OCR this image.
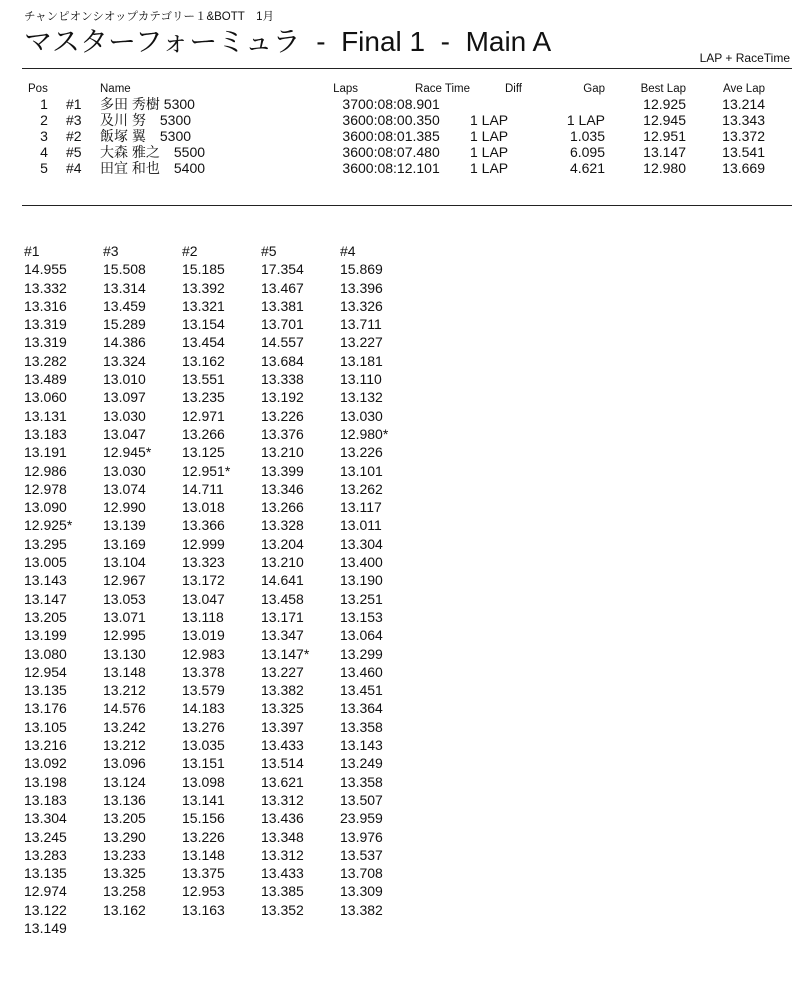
チャンピオンシオップカテゴリー１&BOTT　1月
マスターフォーミュラ  -  Final 1  -  Main A
LAP + RaceTime
Pos		Name	Laps	Race Time	Diff	Gap	Best Lap	Ave Lap
1	#1	多田 秀樹 5300	37	00:08:08.901			12.925	13.214
2	#3	及川 努　5300	36	00:08:00.350	1 LAP	1 LAP	12.945	13.343
3	#2	飯塚 翼　5300	36	00:08:01.385	1 LAP	1.035	12.951	13.372
4	#5	大森 雅之　5500	36	00:08:07.480	1 LAP	6.095	13.147	13.541
5	#4	田宜 和也　5400	36	00:08:12.101	1 LAP	4.621	12.980	13.669
#1	#3	#2	#5	#4
14.955	15.508	15.185	17.354	15.869
13.332	13.314	13.392	13.467	13.396
13.316	13.459	13.321	13.381	13.326
13.319	15.289	13.154	13.701	13.711
13.319	14.386	13.454	14.557	13.227
13.282	13.324	13.162	13.684	13.181
13.489	13.010	13.551	13.338	13.110
13.060	13.097	13.235	13.192	13.132
13.131	13.030	12.971	13.226	13.030
13.183	13.047	13.266	13.376	12.980*
13.191	12.945*	13.125	13.210	13.226
12.986	13.030	12.951*	13.399	13.101
12.978	13.074	14.711	13.346	13.262
13.090	12.990	13.018	13.266	13.117
12.925*	13.139	13.366	13.328	13.011
13.295	13.169	12.999	13.204	13.304
13.005	13.104	13.323	13.210	13.400
13.143	12.967	13.172	14.641	13.190
13.147	13.053	13.047	13.458	13.251
13.205	13.071	13.118	13.171	13.153
13.199	12.995	13.019	13.347	13.064
13.080	13.130	12.983	13.147*	13.299
12.954	13.148	13.378	13.227	13.460
13.135	13.212	13.579	13.382	13.451
13.176	14.576	14.183	13.325	13.364
13.105	13.242	13.276	13.397	13.358
13.216	13.212	13.035	13.433	13.143
13.092	13.096	13.151	13.514	13.249
13.198	13.124	13.098	13.621	13.358
13.183	13.136	13.141	13.312	13.507
13.304	13.205	15.156	13.436	23.959
13.245	13.290	13.226	13.348	13.976
13.283	13.233	13.148	13.312	13.537
13.135	13.325	13.375	13.433	13.708
12.974	13.258	12.953	13.385	13.309
13.122	13.162	13.163	13.352	13.382
13.149				
